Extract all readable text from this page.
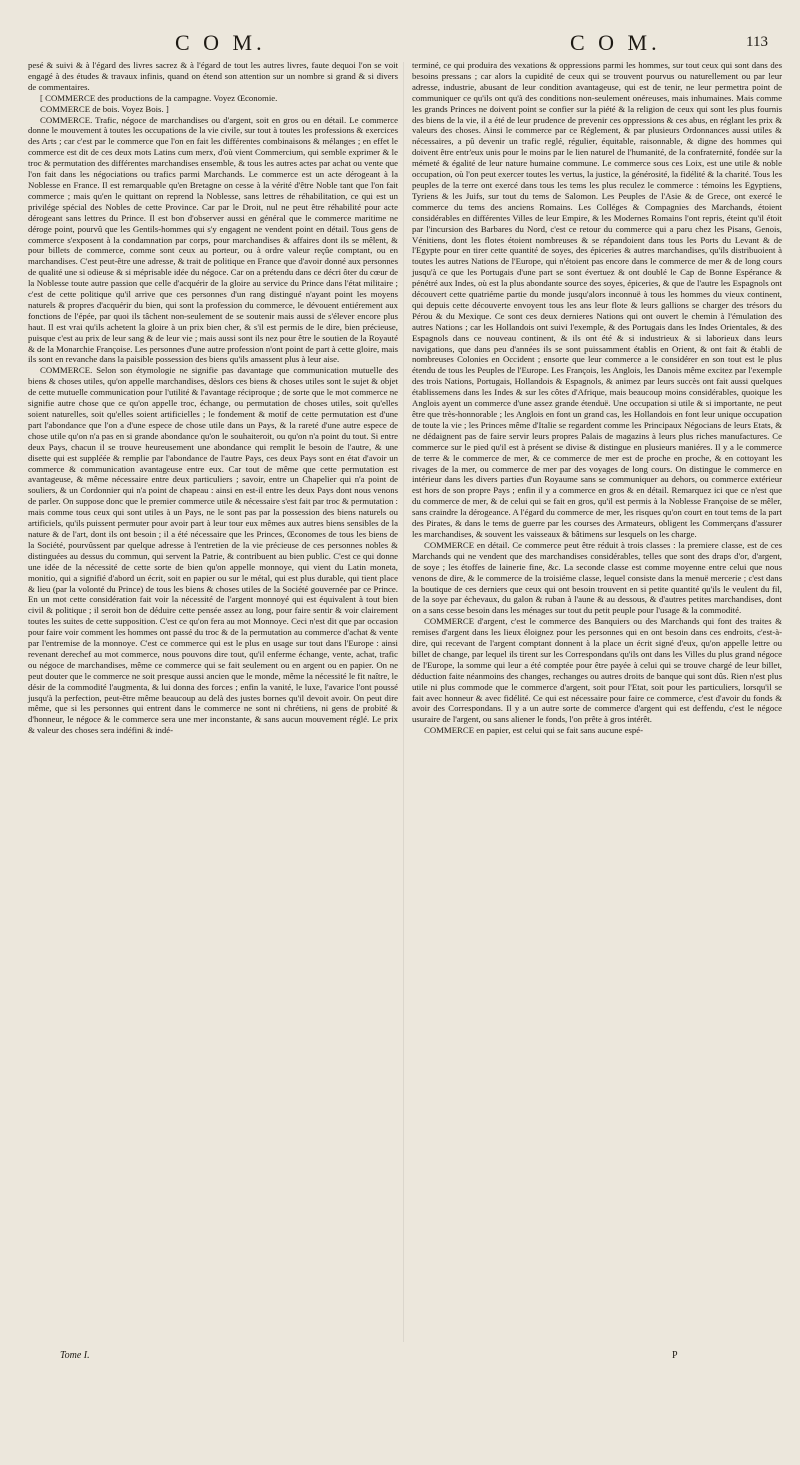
C O M.	C O M.	113

pesé & suivi & à l'égard des livres sacrez & à l'égard de tout les autres livres, faute dequoi l'on se voit engagé à des études & travaux infinis, quand on étend son attention sur un nombre si grand & si divers de commentaires.

[ COMMERCE des productions de la campagne. Voyez Œconomie.

COMMERCE de bois. Voyez Bois. ]

COMMERCE. Trafic, négoce de marchandises ou d'argent, soit en gros ou en détail. Le commerce donne le mouvement à toutes les occupations de la vie civile, sur tout à toutes les professions & exercices des Arts ; car c'est par le commerce que l'on en fait les différentes combinaisons & mélanges ; en effet le commerce est dit de ces deux mots Latins cum merx, d'où vient Commercium, qui semble exprimer & le troc & permutation des différentes marchandises ensemble, & tous les autres actes par achat ou vente que l'on fait dans les négociations ou trafics parmi Marchands. Le commerce est un acte dérogeant à la Noblesse en France. Il est remarquable qu'en Bretagne on cesse à la vérité d'être Noble tant que l'on fait commerce ; mais qu'en le quittant on reprend la Noblesse, sans lettres de réhabilitation, ce qui est un privilége spécial des Nobles de cette Province. Car par le Droit, nul ne peut être réhabilité pour acte dérogeant sans lettres du Prince. Il est bon d'observer aussi en général que le commerce maritime ne déroge point, pourvû que les Gentils-hommes qui s'y engagent ne vendent point en détail. Tous gens de commerce s'exposent à la condamnation par corps, pour marchandises & affaires dont ils se mêlent, & pour billets de commerce, comme sont ceux au porteur, ou à ordre valeur reçûe comptant, ou en marchandises. C'est peut-être une adresse, & trait de politique en France que d'avoir donné aux personnes de qualité une si odieuse & si méprisable idée du négoce. Car on a prétendu dans ce décri ôter du cœur de la Noblesse toute autre passion que celle d'acquérir de la gloire au service du Prince dans l'état militaire ; c'est de cette politique qu'il arrive que ces personnes d'un rang distingué n'ayant point les moyens naturels & propres d'acquérir du bien, qui sont la profession du commerce, le dévouent entiérement aux fonctions de l'épée, par quoi ils tâchent non-seulement de se soutenir mais aussi de s'élever encore plus haut. Il est vrai qu'ils achetent la gloire à un prix bien cher, & s'il est permis de le dire, bien précieuse, puisque c'est au prix de leur sang & de leur vie ; mais aussi sont ils nez pour être le soutien de la Royauté & de la Monarchie Françoise. Les personnes d'une autre profession n'ont point de part à cette gloire, mais ils sont en revanche dans la paisible possession des biens qu'ils amassent plus à leur aise.

COMMERCE. Selon son étymologie ne signifie pas davantage que communication mutuelle des biens & choses utiles, qu'on appelle marchandises, dèslors ces biens & choses utiles sont le sujet & objet de cette mutuelle communication pour l'utilité & l'avantage réciproque ; de sorte que le mot commerce ne signifie autre chose que ce qu'on appelle troc, échange, ou permutation de choses utiles, soit qu'elles soient naturelles, soit qu'elles soient artificielles ; le fondement & motif de cette permutation est d'une part l'abondance que l'on a d'une espece de chose utile dans un Pays, & la rareté d'une autre espece de chose utile qu'on n'a pas en si grande abondance qu'on le souhaiteroit, ou qu'on n'a point du tout. Si entre deux Pays, chacun il se trouve heureusement une abondance qui remplit le besoin de l'autre, & une disette qui est suppléée & remplie par l'abondance de l'autre Pays, ces deux Pays sont en état d'avoir un commerce & communication avantageuse entre eux. Car tout de même que cette permutation est avantageuse, & même nécessaire entre deux particuliers ; savoir, entre un Chapelier qui n'a point de souliers, & un Cordonnier qui n'a point de chapeau : ainsi en est-il entre les deux Pays dont nous venons de parler. On suppose donc que le premier commerce utile & nécessaire s'est fait par troc & permutation : mais comme tous ceux qui sont utiles à un Pays, ne le sont pas par la possession des biens naturels ou artificiels, qu'ils puissent permuter pour avoir part à leur tour eux mêmes aux autres biens sensibles de la nature & de l'art, dont ils ont besoin ; il a été nécessaire que les Princes, Œconomes de tous les biens de la Société, pourvûssent par quelque adresse à l'entretien de la vie précieuse de ces personnes nobles & distinguées au dessus du commun, qui servent la Patrie, & contribuent au bien public. C'est ce qui donne une idée de la nécessité de cette sorte de bien qu'on appelle monnoye, qui vient du Latin moneta, monitio, qui a signifié d'abord un écrit, soit en papier ou sur le métal, qui est plus durable, qui tient place & lieu (par la volonté du Prince) de tous les biens & choses utiles de la Société gouvernée par ce Prince. En un mot cette considération fait voir la nécessité de l'argent monnoyé qui est équivalent à tout bien civil & politique ; il seroit bon de déduire cette pensée assez au long, pour faire sentir & voir clairement toutes les suites de cette supposition. C'est ce qu'on fera au mot Monnoye. Ceci n'est dit que par occasion pour faire voir comment les hommes ont passé du troc & de la permutation au commerce d'achat & vente par l'entremise de la monnoye. C'est ce commerce qui est le plus en usage sur tout dans l'Europe : ainsi revenant derechef au mot commerce, nous pouvons dire tout, qu'il enferme échange, vente, achat, trafic ou négoce de marchandises, même ce commerce qui se fait seulement ou en argent ou en papier. On ne peut douter que le commerce ne soit presque aussi ancien que le monde, même la nécessité le fit naître, le désir de la commodité l'augmenta, & lui donna des forces ; enfin la vanité, le luxe, l'avarice l'ont poussé jusqu'à la perfection, peut-être même beaucoup au delà des justes bornes qu'il devoit avoir. On peut dire même, que si les personnes qui entrent dans le commerce ne sont ni chrétiens, ni gens de probité & d'honneur, le négoce & le commerce sera une mer inconstante, & sans aucun mouvement réglé. Le prix & valeur des choses sera indéfini & indé-

terminé, ce qui produira des vexations & oppressions parmi les hommes, sur tout ceux qui sont dans des besoins pressans ; car alors la cupidité de ceux qui se trouvent pourvus ou naturellement ou par leur adresse, industrie, abusant de leur condition avantageuse, qui est de tenir, ne leur permettra point de communiquer ce qu'ils ont qu'à des conditions non-seulement onéreuses, mais inhumaines. Mais comme les grands Princes ne doivent point se confier sur la piété & la religion de ceux qui sont les plus fournis des biens de la vie, il a été de leur prudence de prevenir ces oppressions & ces abus, en réglant les prix & valeurs des choses. Ainsi le commerce par ce Réglement, & par plusieurs Ordonnances aussi utiles & nécessaires, a pû devenir un trafic reglé, régulier, équitable, raisonnable, & digne des hommes qui doivent être entr'eux unis pour le moins par le lien naturel de l'humanité, de la confraternité, fondée sur la mémeté & égalité de leur nature humaine commune. Le commerce sous ces Loix, est une utile & noble occupation, où l'on peut exercer toutes les vertus, la justice, la générosité, la fidélité & la charité. Tous les peuples de la terre ont exercé dans tous les tems les plus reculez le commerce : témoins les Egyptiens, Tyriens & les Juifs, sur tout du tems de Salomon. Les Peuples de l'Asie & de Grece, ont exercé le commerce du tems des anciens Romains. Les Colléges & Compagnies des Marchands, étoient considérables en différentes Villes de leur Empire, & les Modernes Romains l'ont repris, éteint qu'il étoit par l'incursion des Barbares du Nord, c'est ce retour du commerce qui a paru chez les Pisans, Genois, Vénitiens, dont les flotes étoient nombreuses & se répandoient dans tous les Ports du Levant & de l'Egypte pour en tirer cette quantité de soyes, des épiceries & autres marchandises, qu'ils distribuoient à toutes les autres Nations de l'Europe, qui n'étoient pas encore dans le commerce de mer & de long cours jusqu'à ce que les Portugais d'une part se sont évertuez & ont doublé le Cap de Bonne Espérance & pénétré aux Indes, où est la plus abondante source des soyes, épiceries, & que de l'autre les Espagnols ont découvert cette quatriéme partie du monde jusqu'alors inconnuë à tous les hommes du vieux continent, qui depuis cette découverte envoyent tous les ans leur flote & leurs gallions se charger des trésors du Pérou & du Mexique. Ce sont ces deux dernieres Nations qui ont ouvert le chemin à l'émulation des autres Nations ; car les Hollandois ont suivi l'exemple, & des Portugais dans les Indes Orientales, & des Espagnols dans ce nouveau continent, & ils ont été & si industrieux & si laborieux dans leurs navigations, que dans peu d'années ils se sont puissamment établis en Orient, & ont fait & établi de nombreuses Colonies en Occident ; ensorte que leur commerce a le considérer en son tout est le plus étendu de tous les Peuples de l'Europe. Les François, les Anglois, les Danois même excitez par l'exemple des trois Nations, Portugais, Hollandois & Espagnols, & animez par leurs succès ont fait aussi quelques établissemens dans les Indes & sur les côtes d'Afrique, mais beaucoup moins considérables, quoique les Anglois ayent un commerce d'une assez grande étenduë. Une occupation si utile & si importante, ne peut être que très-honnorable ; les Anglois en font un grand cas, les Hollandois en font leur unique occupation de toute la vie ; les Princes même d'Italie se regardent comme les Principaux Négocians de leurs Etats, & ne dédaignent pas de faire servir leurs propres Palais de magazins à leurs plus riches manufactures. Ce commerce sur le pied qu'il est à présent se divise & distingue en plusieurs maniéres. Il y a le commerce de terre & le commerce de mer, & ce commerce de mer est de proche en proche, & en cottoyant les rivages de la mer, ou commerce de mer par des voyages de long cours. On distingue le commerce en intérieur dans les divers parties d'un Royaume sans se communiquer au dehors, ou commerce extérieur est hors de son propre Pays ; enfin il y a commerce en gros & en détail. Remarquez ici que ce n'est que du commerce de mer, & de celui qui se fait en gros, qu'il est permis à la Noblesse Françoise de se mêler, sans craindre la dérogeance. A l'égard du commerce de mer, les risques qu'on court en tout tems de la part des Pirates, & dans le tems de guerre par les courses des Armateurs, obligent les Commerçans d'assurer les marchandises, & souvent les vaisseaux & bâtimens sur lesquels on les charge.

COMMERCE en détail. Ce commerce peut être réduit à trois classes : la premiere classe, est de ces Marchands qui ne vendent que des marchandises considérables, telles que sont des draps d'or, d'argent, de soye ; les étoffes de lainerie fine, &c. La seconde classe est comme moyenne entre celui que nous venons de dire, & le commerce de la troisiéme classe, lequel consiste dans la menuë mercerie ; c'est dans la boutique de ces derniers que ceux qui ont besoin trouvent en si petite quantité qu'ils le veulent du fil, de la soye par échevaux, du galon & ruban à l'aune & au dessous, & d'autres petites marchandises, dont on a sans cesse besoin dans les ménages sur tout du petit peuple pour l'usage & la commodité.

COMMERCE d'argent, c'est le commerce des Banquiers ou des Marchands qui font des traites & remises d'argent dans les lieux éloignez pour les personnes qui en ont besoin dans ces endroits, c'est-à-dire, qui recevant de l'argent comptant donnent à la place un écrit signé d'eux, qu'on appelle lettre ou billet de change, par lequel ils tirent sur les Correspondans qu'ils ont dans les Villes du plus grand négoce de l'Europe, la somme qui leur a été comptée pour être payée à celui qui se trouve chargé de leur billet, déduction faite néanmoins des changes, rechanges ou autres droits de banque qui sont dûs. Rien n'est plus utile ni plus commode que le commerce d'argent, soit pour l'Etat, soit pour les particuliers, lorsqu'il se fait avec honneur & avec fidélité. Ce qui est nécessaire pour faire ce commerce, c'est d'avoir du fonds & avoir des Correspondans. Il y a un autre sorte de commerce d'argent qui est deffendu, c'est le négoce usuraire de l'argent, ou sans aliener le fonds, l'on prête à gros intérêt.

COMMERCE en papier, est celui qui se fait sans aucune espé-

Tome I.	P
